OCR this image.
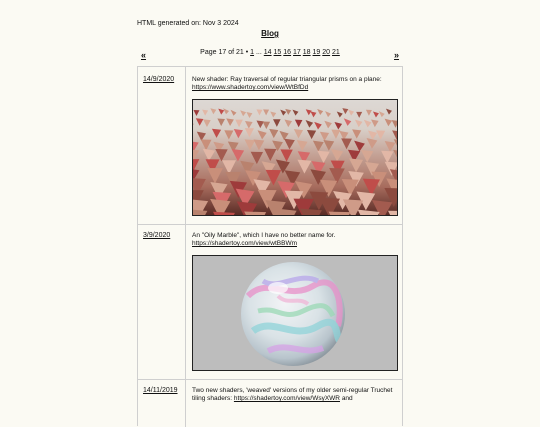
HTML generated on: Nov 3 2024
Blog
«	»
Page 17 of 21 • 1 ... 14 15 16 17 18 19 20 21
14/9/2020	New shader: Ray traversal of regular triangular prisms on a plane:
https://www.shadertoy.com/view/WtBfDd
3/9/2020	An "Oily Marble", which I have no better name for.
https://shadertoy.com/view/wtBBWm
14/11/2019 Two new shaders, 'weaved' versions of my older semi-regular Truchet tiling shaders: https://shadertoy.com/view/WsyXWR and
